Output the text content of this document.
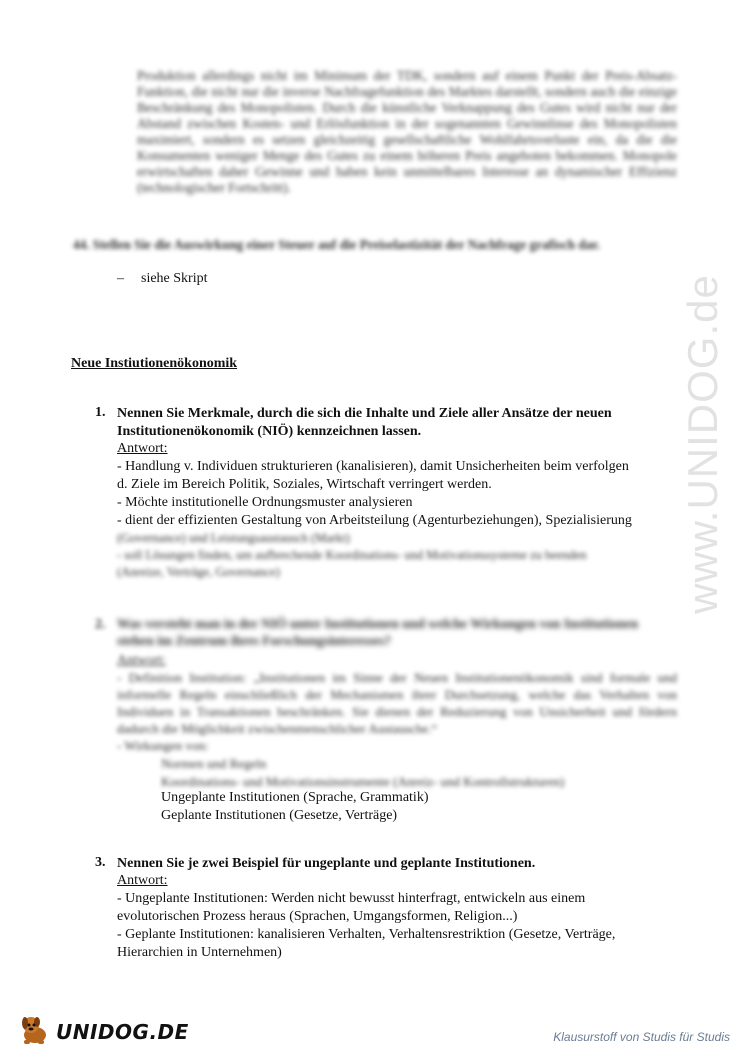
www.UNIDOG.de
Produktion allerdings nicht im Minimum der TDK, sondern auf einem Punkt der Preis-Absatz-Funktion, die nicht nur die inverse Nachfragefunktion des Marktes darstellt, sondern auch die einzige Beschränkung des Monopolisten. Durch die künstliche Verknappung des Gutes wird nicht nur der Abstand zwischen Kosten- und Erlösfunktion in der sogenannten Gewinnlinse des Monopolisten maximiert, sondern es setzen gleichzeitig gesellschaftliche Wohlfahrtsverluste ein, da die die Konsumenten weniger Menge des Gutes zu einem höheren Preis angeboten bekommen. Monopole erwirtschaften daher Gewinne und haben kein unmittelbares Interesse an dynamischer Effizienz (technologischer Fortschritt).
44. Stellen Sie die Auswirkung einer Steuer auf die Preiselastizität der Nachfrage grafisch dar.
– siehe Skript
Neue Instiutionenökonomik
1. Nennen Sie Merkmale, durch die sich die Inhalte und Ziele aller Ansätze der neuen Institutionenökonomik (NIÖ) kennzeichnen lassen.
Antwort:
- Handlung v. Individuen strukturieren (kanalisieren), damit Unsicherheiten beim verfolgen
d. Ziele im Bereich Politik, Soziales, Wirtschaft verringert werden.
- Möchte institutionelle Ordnungsmuster analysieren
- dient der effizienten Gestaltung von Arbeitsteilung (Agenturbeziehungen), Spezialisierung
(Governance) und Leistungsaustausch (Markt)
- soll Lösungen finden, um aufbrechende Koordinations- und Motivationssysteme zu beenden
(Anreize, Verträge, Governance)
2. Was versteht man in der NIÖ unter Institutionen und welche Wirkungen von Institutionen stehen im Zentrum ihres Forschungsinteresses?
Antwort:
- Definition Institution: „Institutionen im Sinne der Neuen Institutionenökonomik sind formale und informelle Regeln einschließlich der Mechanismen ihrer Durchsetzung, welche das Verhalten von Individuen in Transaktionen beschränken. Sie dienen der Reduzierung von Unsicherheit und fördern dadurch die Möglichkeit zwischenmenschlicher Austausche.“
- Wirkungen von:
Normen und Regeln
Koordinations- und Motivationsinstrumente (Anreiz- und Kontrollstrukturen)
Ungeplante Institutionen (Sprache, Grammatik)
Geplante Institutionen (Gesetze, Verträge)
3. Nennen Sie je zwei Beispiel für ungeplante und geplante Institutionen.
Antwort:
- Ungeplante Institutionen: Werden nicht bewusst hinterfragt, entwickeln aus einem
evolutorischen Prozess heraus (Sprachen, Umgangsformen, Religion...)
- Geplante Institutionen: kanalisieren Verhalten, Verhaltensrestriktion (Gesetze, Verträge,
Hierarchien in Unternehmen)
UNIDOG.DE	Klausurstoff von Studis für Studis
